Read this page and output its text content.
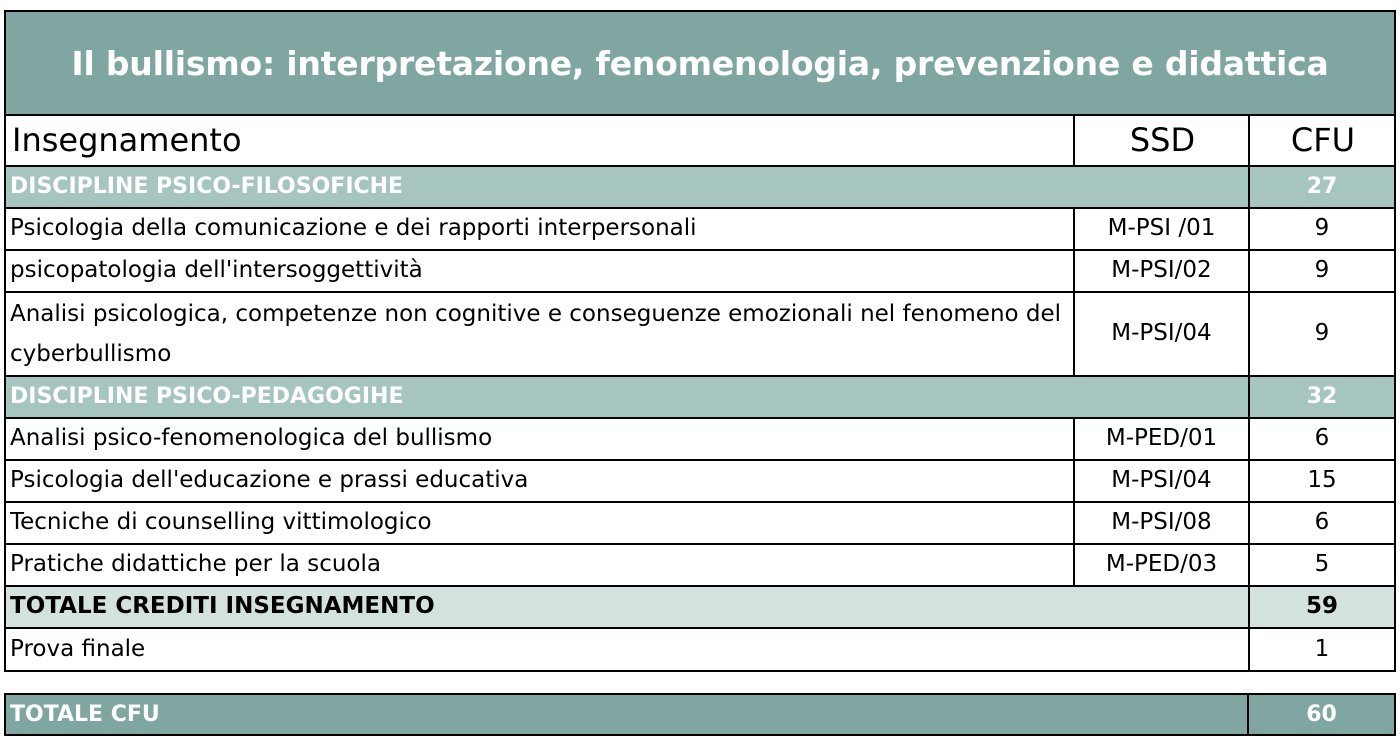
Il bullismo: interpretazione, fenomenologia, prevenzione e didattica
Insegnamento	SSD	CFU
DISCIPLINE PSICO-FILOSOFICHE		27
Psicologia della comunicazione e dei rapporti interpersonali	M-PSI /01	9
psicopatologia dell'intersoggettività	M-PSI/02	9

Analisi psicologica, competenze non cognitive e conseguenze emozionali nel fenomeno del cyberbullismo	M-PSI/04	9
DISCIPLINE PSICO-PEDAGOGIHE		32
Analisi psico-fenomenologica del bullismo	M-PED/01	6
Psicologia dell'educazione e prassi educativa	M-PSI/04	15
Tecniche di counselling vittimologico	M-PSI/08	6
Pratiche didattiche per la scuola	M-PED/03	5
TOTALE CREDITI INSEGNAMENTO		59
Prova finale		1
TOTALE CFU	60
